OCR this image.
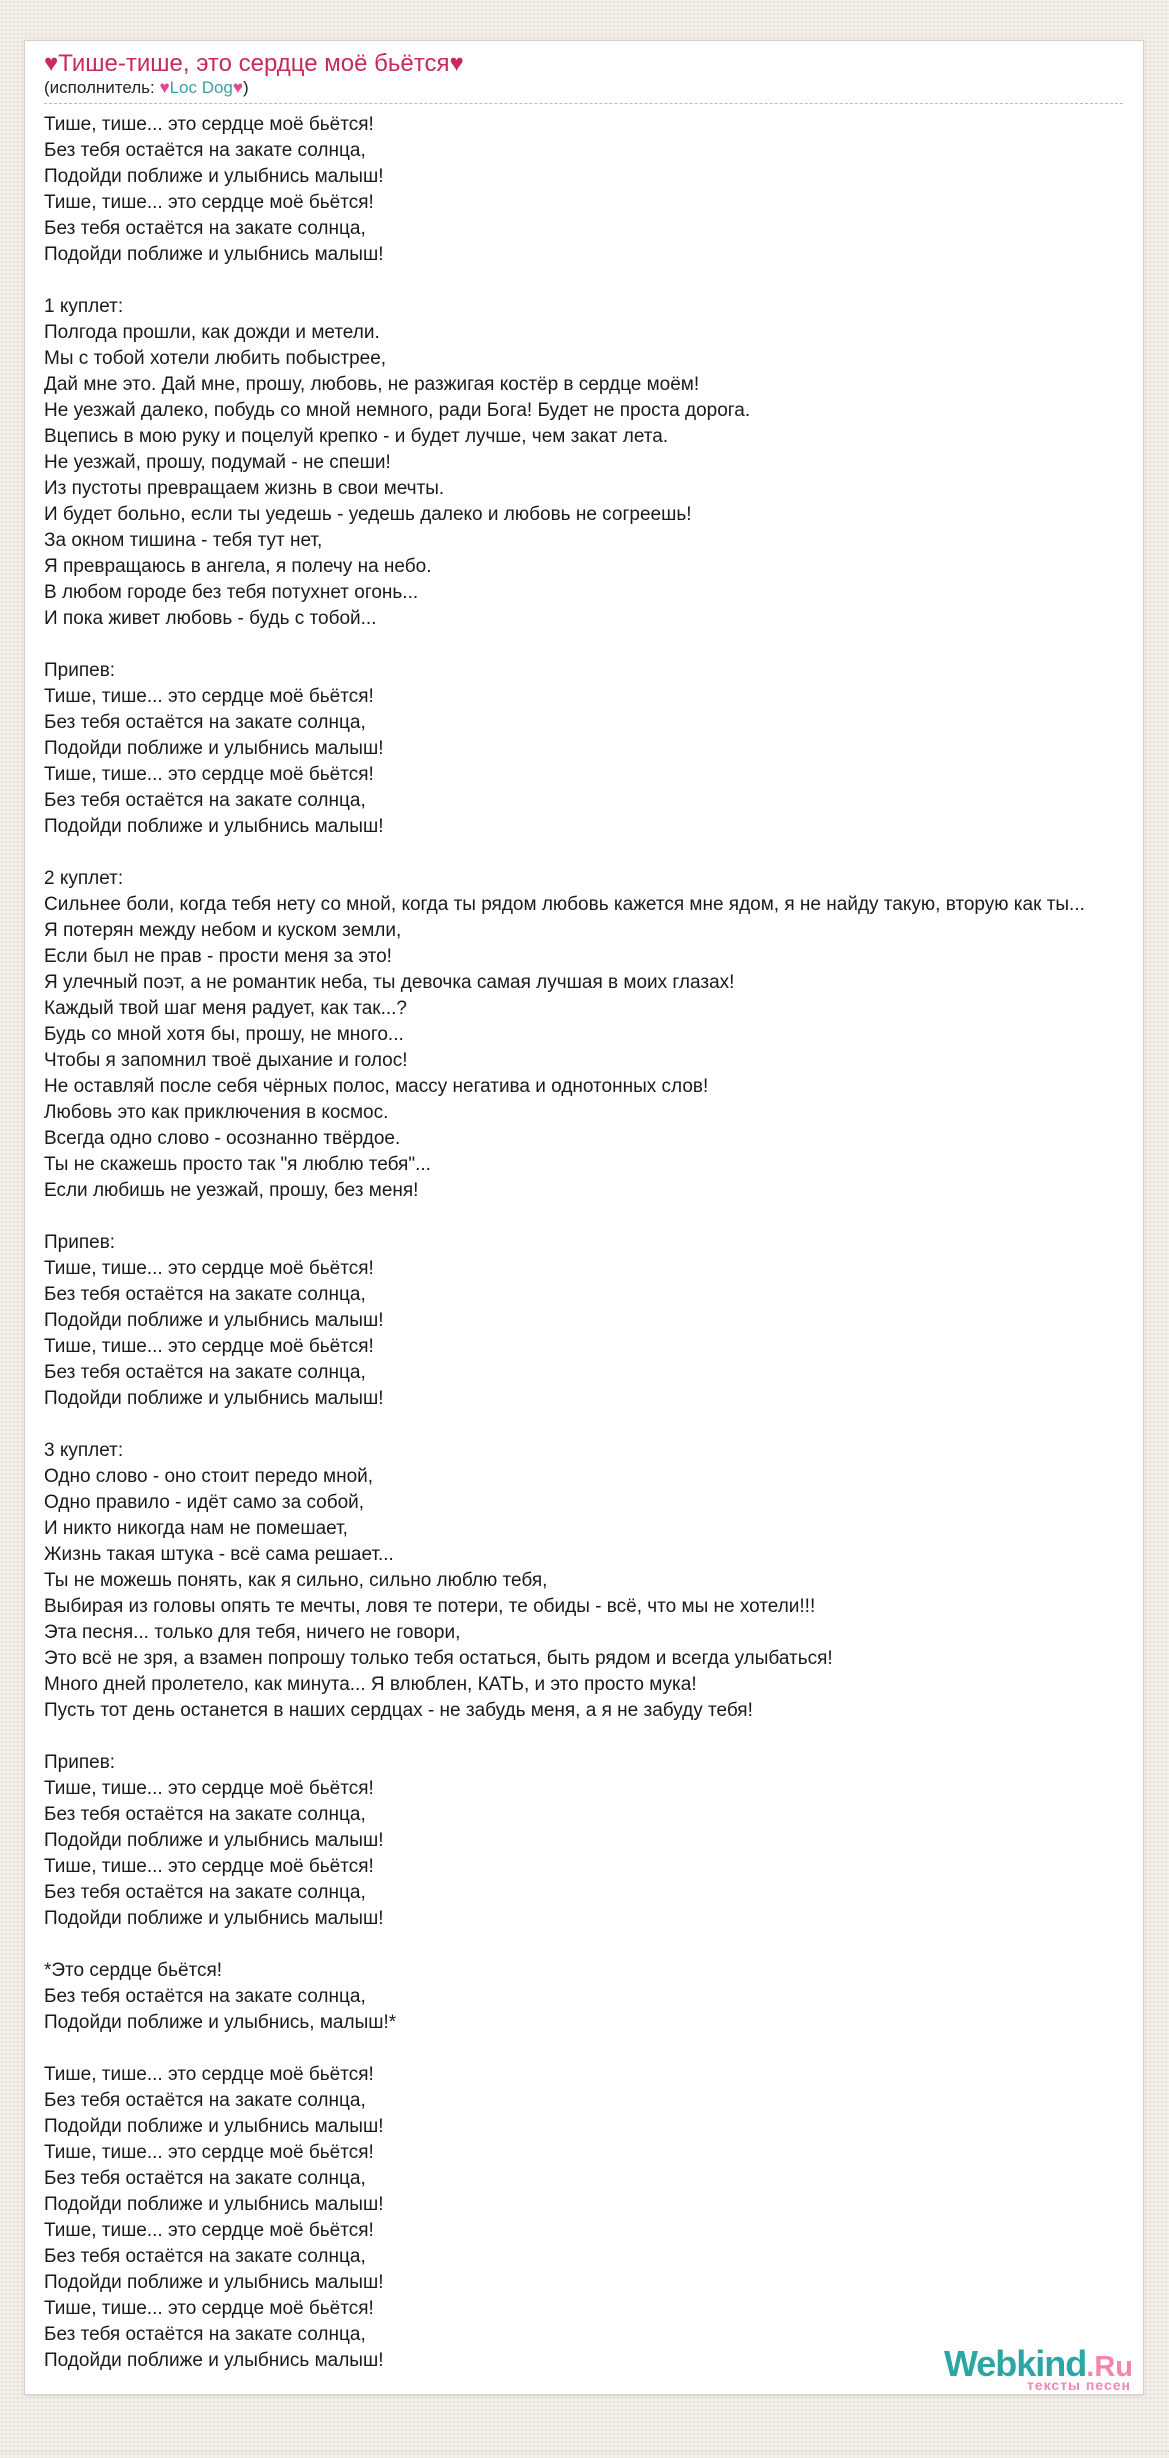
♥Тише-тише, это сердце моё бьётся♥
(исполнитель: ♥Loc Dog♥)
Тише, тише... это сердце моё бьётся!
Без тебя остаётся на закате солнца,
Подойди поближе и улыбнись малыш!
Тише, тише... это сердце моё бьётся!
Без тебя остаётся на закате солнца,
Подойди поближе и улыбнись малыш!
1 куплет:
Полгода прошли, как дожди и метели.
Мы с тобой хотели любить побыстрее,
Дай мне это. Дай мне, прошу, любовь, не разжигая костёр в сердце моём!
Не уезжай далеко, побудь со мной немного, ради Бога! Будет не проста дорога.
Вцепись в мою руку и поцелуй крепко - и будет лучше, чем закат лета.
Не уезжай, прошу, подумай - не спеши!
Из пустоты превращаем жизнь в свои мечты.
И будет больно, если ты уедешь - уедешь далеко и любовь не согреешь!
За окном тишина - тебя тут нет,
Я превращаюсь в ангела, я полечу на небо.
В любом городе без тебя потухнет огонь...
И пока живет любовь - будь с тобой...
Припев:
Тише, тише... это сердце моё бьётся!
Без тебя остаётся на закате солнца,
Подойди поближе и улыбнись малыш!
Тише, тише... это сердце моё бьётся!
Без тебя остаётся на закате солнца,
Подойди поближе и улыбнись малыш!
2 куплет:
Сильнее боли, когда тебя нету со мной, когда ты рядом любовь кажется мне ядом, я не найду такую, вторую как ты...
Я потерян между небом и куском земли,
Если был не прав - прости меня за это!
Я улечный поэт, а не романтик неба, ты девочка самая лучшая в моих глазах!
Каждый твой шаг меня радует, как так...?
Будь со мной хотя бы, прошу, не много...
Чтобы я запомнил твоё дыхание и голос!
Не оставляй после себя чёрных полос, массу негатива и однотонных слов!
Любовь это как приключения в космос.
Всегда одно слово - осознанно твёрдое.
Ты не скажешь просто так "я люблю тебя"...
Если любишь не уезжай, прошу, без меня!
Припев:
Тише, тише... это сердце моё бьётся!
Без тебя остаётся на закате солнца,
Подойди поближе и улыбнись малыш!
Тише, тише... это сердце моё бьётся!
Без тебя остаётся на закате солнца,
Подойди поближе и улыбнись малыш!
3 куплет:
Одно слово - оно стоит передо мной,
Одно правило - идёт само за собой,
И никто никогда нам не помешает,
Жизнь такая штука - всё сама решает...
Ты не можешь понять, как я сильно, сильно люблю тебя,
Выбирая из головы опять те мечты, ловя те потери, те обиды - всё, что мы не хотели!!!
Эта песня... только для тебя, ничего не говори,
Это всё не зря, а взамен попрошу только тебя остаться, быть рядом и всегда улыбаться!
Много дней пролетело, как минута... Я влюблен, КАТЬ, и это просто мука!
Пусть тот день останется в наших сердцах - не забудь меня, а я не забуду тебя!
Припев:
Тише, тише... это сердце моё бьётся!
Без тебя остаётся на закате солнца,
Подойди поближе и улыбнись малыш!
Тише, тише... это сердце моё бьётся!
Без тебя остаётся на закате солнца,
Подойди поближе и улыбнись малыш!
*Это сердце бьётся!
Без тебя остаётся на закате солнца,
Подойди поближе и улыбнись, малыш!*
Тише, тише... это сердце моё бьётся!
Без тебя остаётся на закате солнца,
Подойди поближе и улыбнись малыш!
Тише, тише... это сердце моё бьётся!
Без тебя остаётся на закате солнца,
Подойди поближе и улыбнись малыш!
Тише, тише... это сердце моё бьётся!
Без тебя остаётся на закате солнца,
Подойди поближе и улыбнись малыш!
Тише, тише... это сердце моё бьётся!
Без тебя остаётся на закате солнца,
Подойди поближе и улыбнись малыш!	Webkind.Ru
тексты песен
